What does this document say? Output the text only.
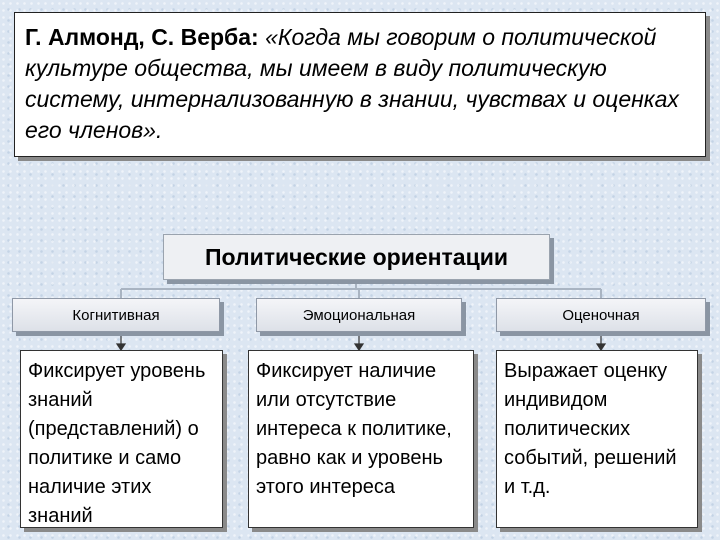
Г. Алмонд, С. Верба: «Когда мы говорим о политической культуре общества, мы имеем в виду политическую систему, интернализованную в знании, чувствах и оценках его членов».
Политические ориентации
Когнитивная	Эмоциональная	Оценочная
Фиксирует уровень знаний (представлений) о политике и само наличие этих знаний
Фиксирует наличие или отсутствие интереса к политике, равно как и уровень этого интереса
Выражает оценку индивидом политических событий, решений и т.д.
